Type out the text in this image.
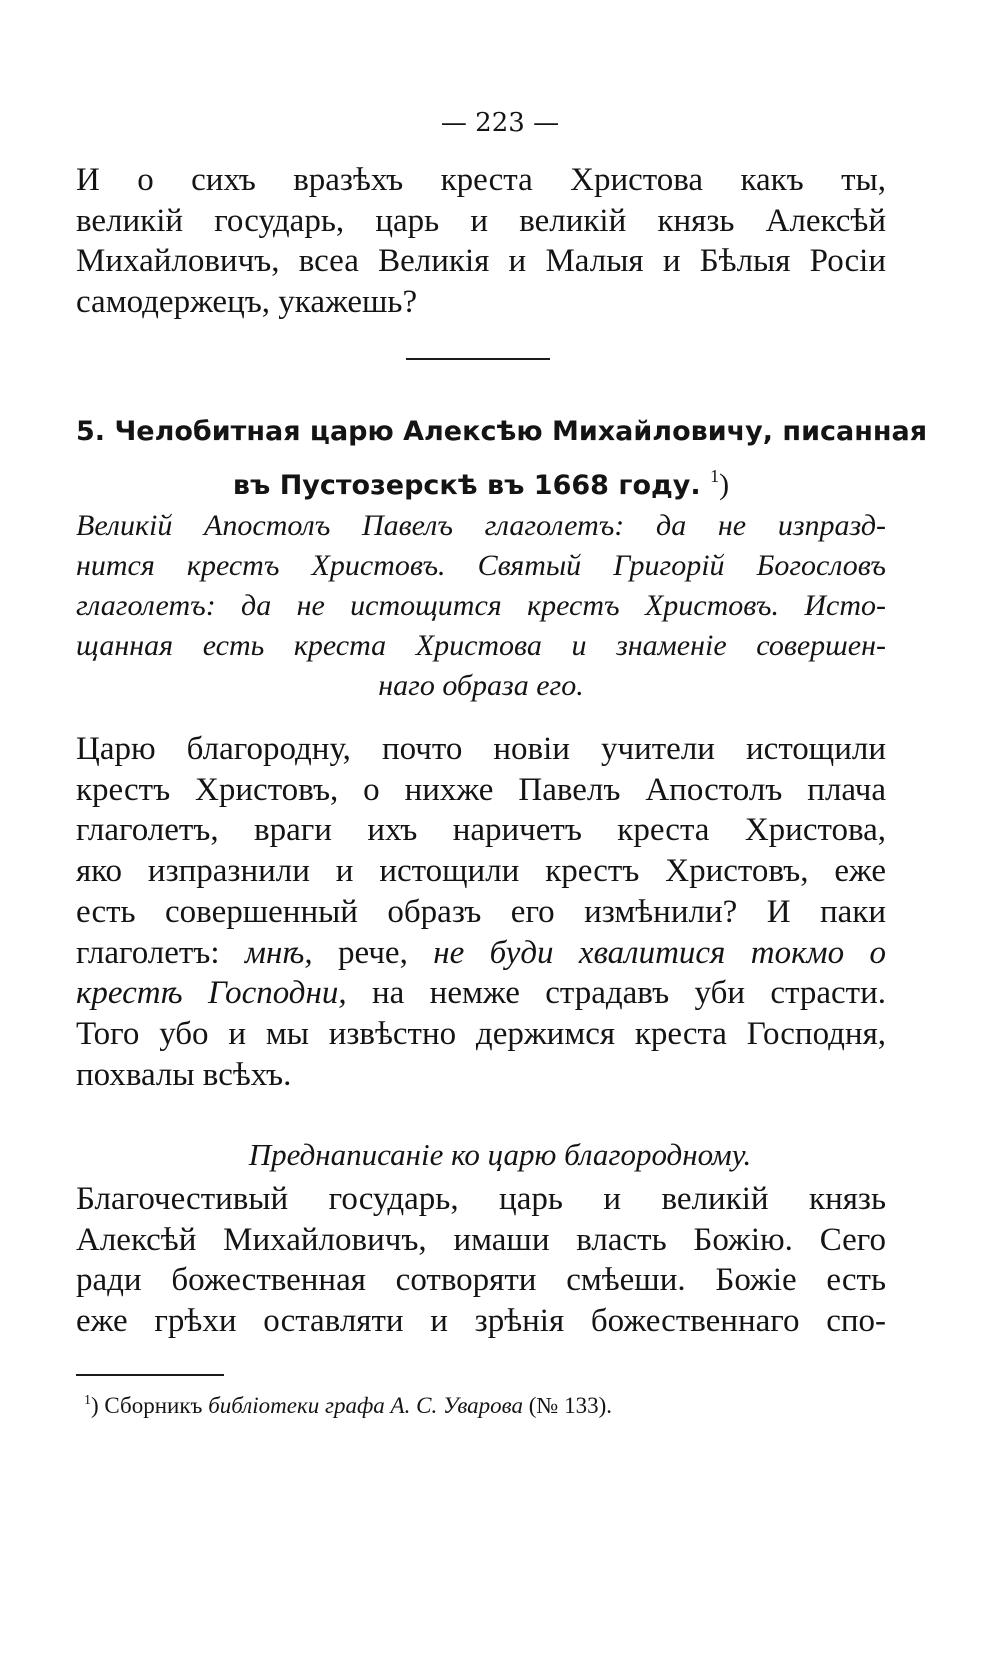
— 223 —
И о сихъ вразѣхъ креста Христова какъ ты,
великій государь, царь и великій князь Алексѣй
Михайловичъ, всеа Великія и Малыя и Бѣлыя Росіи
самодержецъ, укажешь?
5. Челобитная царю Алексѣю Михайловичу, писанная
въ Пустозерскѣ въ 1668 году. $^1$)
Великій Апостолъ Павелъ глаголетъ: да не изпразд-
нится крестъ Христовъ. Святый Григорій Богословъ
глаголетъ: да не истощится крестъ Христовъ. Исто-
щанная есть креста Христова и знаменіе совершен-
наго образа его.
Царю благородну, почто новіи учители истощили
крестъ Христовъ, о нихже Павелъ Апостолъ плача
глаголетъ, враги ихъ наричетъ креста Христова,
яко изпразнили и истощили крестъ Христовъ, еже
есть совершенный образъ его измѣнили? И паки
глаголетъ: мнѣ, рече, не буди хвалитися токмо о
крестѣ Господни, на немже страдавъ уби страсти.
Того убо и мы извѣстно держимся креста Господня,
похвалы всѣхъ.
Преднаписаніе ко царю благородному.
Благочестивый государь, царь и великій князь
Алексѣй Михайловичъ, имаши власть Божію. Сего
ради божественная сотворяти смѣеши. Божіе есть
еже грѣхи оставляти и зрѣнія божественнаго спо-
$^1$) Сборникъ библіотеки графа А. С. Уварова (№ 133).
